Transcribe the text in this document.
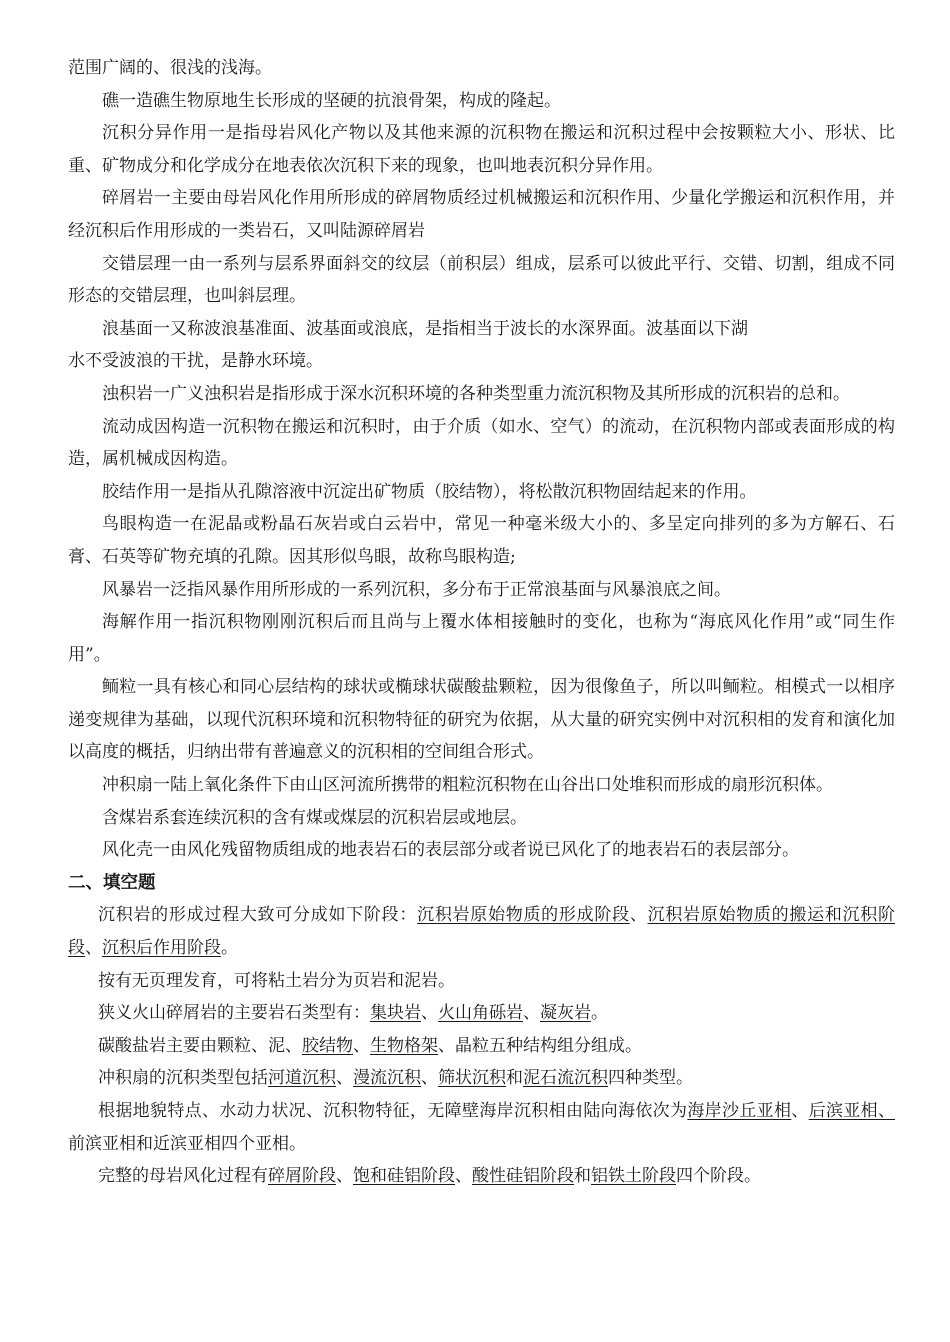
范围广阔的、很浅的浅海。

礁一造礁生物原地生长形成的坚硬的抗浪骨架，构成的隆起。

沉积分异作用一是指母岩风化产物以及其他来源的沉积物在搬运和沉积过程中会按颗粒大小、形状、比重、矿物成分和化学成分在地表依次沉积下来的现象，也叫地表沉积分异作用。

碎屑岩一主要由母岩风化作用所形成的碎屑物质经过机械搬运和沉积作用、少量化学搬运和沉积作用，并经沉积后作用形成的一类岩石，又叫陆源碎屑岩

交错层理一由一系列与层系界面斜交的纹层（前积层）组成，层系可以彼此平行、交错、切割，组成不同形态的交错层理，也叫斜层理。

浪基面一又称波浪基准面、波基面或浪底，是指相当于波长的水深界面。波基面以下湖

水不受波浪的干扰，是静水环境。

浊积岩一广义浊积岩是指形成于深水沉积环境的各种类型重力流沉积物及其所形成的沉积岩的总和。

流动成因构造一沉积物在搬运和沉积时，由于介质（如水、空气）的流动，在沉积物内部或表面形成的构造，属机械成因构造。

胶结作用一是指从孔隙溶液中沉淀出矿物质（胶结物），将松散沉积物固结起来的作用。

鸟眼构造一在泥晶或粉晶石灰岩或白云岩中，常见一种毫米级大小的、多呈定向排列的多为方解石、石膏、石英等矿物充填的孔隙。因其形似鸟眼，故称鸟眼构造;

风暴岩一泛指风暴作用所形成的一系列沉积，多分布于正常浪基面与风暴浪底之间。

海解作用一指沉积物刚刚沉积后而且尚与上覆水体相接触时的变化，也称为“海底风化作用”或“同生作用”。

鲕粒一具有核心和同心层结构的球状或椭球状碳酸盐颗粒，因为很像鱼子，所以叫鲕粒。相模式一以相序递变规律为基础，以现代沉积环境和沉积物特征的研究为依据，从大量的研究实例中对沉积相的发育和演化加以高度的概括，归纳出带有普遍意义的沉积相的空间组合形式。

冲积扇一陆上氧化条件下由山区河流所携带的粗粒沉积物在山谷出口处堆积而形成的扇形沉积体。

含煤岩系套连续沉积的含有煤或煤层的沉积岩层或地层。

风化壳一由风化残留物质组成的地表岩石的表层部分或者说已风化了的地表岩石的表层部分。

二、填空题

沉积岩的形成过程大致可分成如下阶段：沉积岩原始物质的形成阶段、沉积岩原始物质的搬运和沉积阶段、沉积后作用阶段。

按有无页理发育，可将粘土岩分为页岩和泥岩。

狭义火山碎屑岩的主要岩石类型有：集块岩、火山角砾岩、凝灰岩。

碳酸盐岩主要由颗粒、泥、胶结物、生物格架、晶粒五种结构组分组成。

冲积扇的沉积类型包括河道沉积、漫流沉积、筛状沉积和泥石流沉积四种类型。

根据地貌特点、水动力状况、沉积物特征，无障壁海岸沉积相由陆向海依次为海岸沙丘亚相、后滨亚相、前滨亚相和近滨亚相四个亚相。

完整的母岩风化过程有碎屑阶段、饱和硅铝阶段、酸性硅铝阶段和铝铁土阶段四个阶段。
